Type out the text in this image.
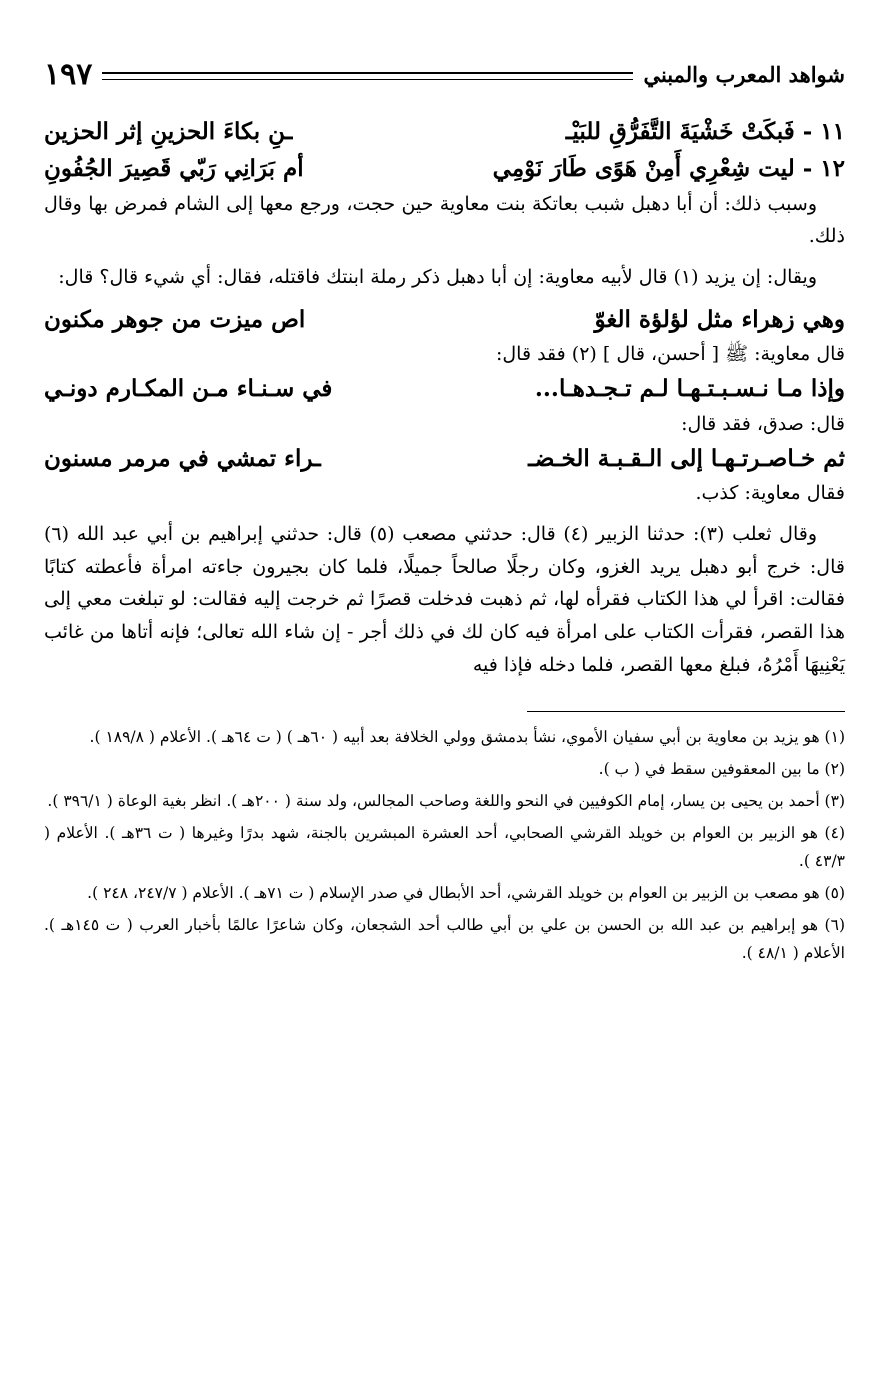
شواهد المعرب والمبني
١٩٧
١١ - فَبكَتْ خَشْيَةَ التَّفَرُّقِ للبَيْـ
ـنِ بكاءَ الحزينِ إثر الحزين
١٢ - ليت شِعْرِي أَمِنْ هَوًى طَارَ نَوْمِي
أم بَرَانِي رَبّي قَصِيرَ الجُفُونِ

وسبب ذلك: أن أبا دهبل شبب بعاتكة بنت معاوية حين حجت، ورجع معها إلى الشام فمرض بها وقال ذلك.

ويقال: إن يزيد (١) قال لأبيه معاوية: إن أبا دهبل ذكر رملة ابنتك فاقتله، فقال: أي شيء قال؟ قال:

وهي زهراء مثل لؤلؤة الغوّ
اص ميزت من جوهر مكنون

قال معاوية: ﷺ [ أحسن، قال ] (٢) فقد قال:

وإذا مـا نـسـبـتـهـا لـم تـجـدهـا...
في سـنـاء مـن المكـارم دونـي

قال: صدق، فقد قال:

ثم خـاصـرتـهـا إلى الـقـبـة الخـضـ
ـراء تمشي في مرمر مسنون

فقال معاوية: كذب.

وقال ثعلب (٣): حدثنا الزبير (٤) قال: حدثني مصعب (٥) قال: حدثني إبراهيم بن أبي عبد الله (٦) قال: خرج أبو دهبل يريد الغزو، وكان رجلًا صالحاً جميلًا، فلما كان بجيرون جاءته امرأة فأعطته كتابًا فقالت: اقرأ لي هذا الكتاب فقرأه لها، ثم ذهبت فدخلت قصرًا ثم خرجت إليه فقالت: لو تبلغت معي إلى هذا القصر، فقرأت الكتاب على امرأة فيه كان لك في ذلك أجر - إن شاء الله تعالى؛ فإنه أتاها من غائب يَعْنِيهَا أَمْرُهُ، فبلغ معها القصر، فلما دخله فإذا فيه

(١) هو يزيد بن معاوية بن أبي سفيان الأموي، نشأ بدمشق وولي الخلافة بعد أبيه ( ٦٠هـ ) ( ت ٦٤هـ ). الأعلام ( ١٨٩/٨ ).

(٢) ما بين المعقوفين سقط في ( ب ).

(٣) أحمد بن يحيى بن يسار، إمام الكوفيين في النحو واللغة وصاحب المجالس، ولد سنة ( ٢٠٠هـ ). انظر بغية الوعاة ( ٣٩٦/١ ).

(٤) هو الزبير بن العوام بن خويلد القرشي الصحابي، أحد العشرة المبشرين بالجنة، شهد بدرًا وغيرها ( ت ٣٦هـ ). الأعلام ( ٤٣/٣ ).

(٥) هو مصعب بن الزبير بن العوام بن خويلد القرشي، أحد الأبطال في صدر الإسلام ( ت ٧١هـ ). الأعلام ( ٢٤٧/٧، ٢٤٨ ).

(٦) هو إبراهيم بن عبد الله بن الحسن بن علي بن أبي طالب أحد الشجعان، وكان شاعرًا عالمًا بأخبار العرب ( ت ١٤٥هـ ). الأعلام ( ٤٨/١ ).
